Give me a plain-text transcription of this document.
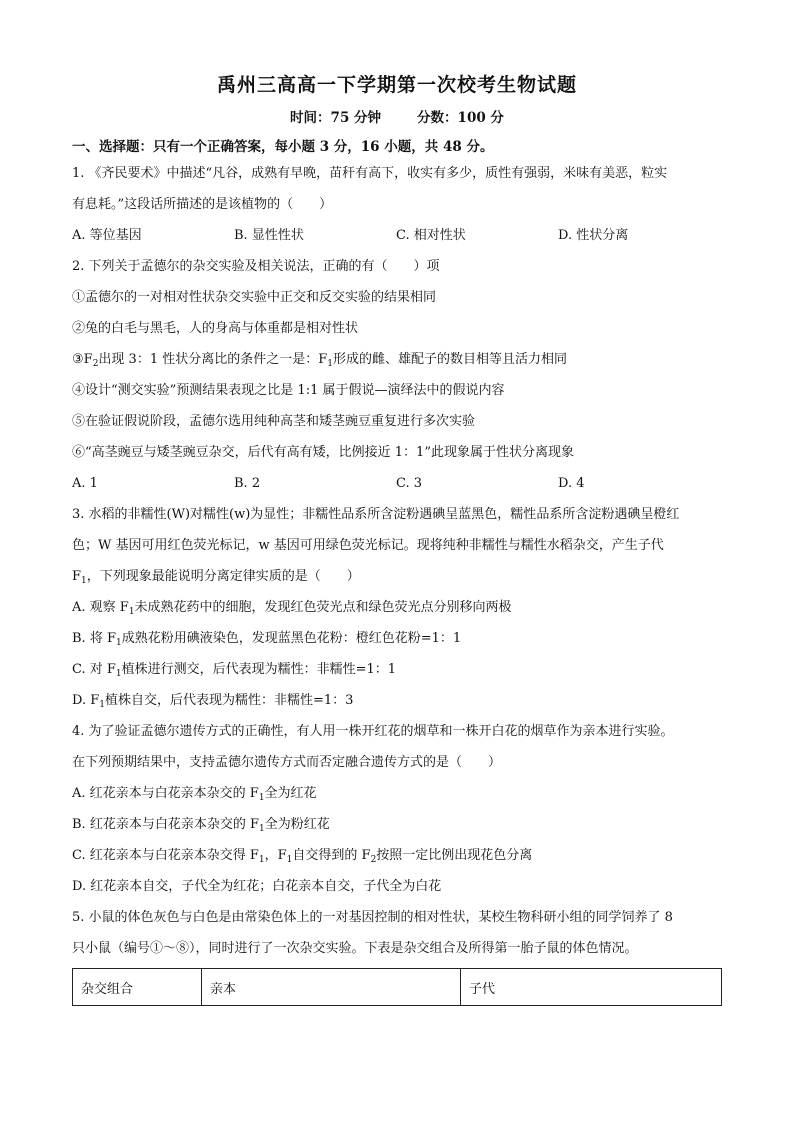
禹州三高高一下学期第一次校考生物试题
时间：75 分钟	分数：100 分
一、选择题：只有一个正确答案，每小题 3 分，16 小题，共 48 分。
1. 《齐民要术》中描述“凡谷，成熟有早晚，苗秆有高下，收实有多少，质性有强弱，米味有美恶，粒实
有息耗。”这段话所描述的是该植物的（　　）
A. 等位基因	B. 显性性状	C. 相对性状	D. 性状分离
2. 下列关于孟德尔的杂交实验及相关说法，正确的有（　　）项
①孟德尔的一对相对性状杂交实验中正交和反交实验的结果相同
②兔的白毛与黑毛，人的身高与体重都是相对性状
$③F_2$出现 3：1 性状分离比的条件之一是：$F_1$形成的雌、雄配子的数目相等且活力相同
④设计“测交实验”预测结果表现之比是 1:1 属于假说—演绎法中的假说内容
⑤在验证假说阶段，孟德尔选用纯种高茎和矮茎豌豆重复进行多次实验
⑥“高茎豌豆与矮茎豌豆杂交，后代有高有矮，比例接近 1：1”此现象属于性状分离现象
A. 1	B. 2	C. 3	D. 4
3. 水稻的非糯性(W)对糯性(w)为显性；非糯性品系所含淀粉遇碘呈蓝黑色，糯性品系所含淀粉遇碘呈橙红
色；W 基因可用红色荧光标记，w 基因可用绿色荧光标记。现将纯种非糯性与糯性水稻杂交，产生子代
$F_1$，下列现象最能说明分离定律实质的是（　　）
A. 观察 $F_1$未成熟花药中的细胞，发现红色荧光点和绿色荧光点分别移向两极
B. 将 $F_1$成熟花粉用碘液染色，发现蓝黑色花粉：橙红色花粉=1：1
C. 对 $F_1$植株进行测交，后代表现为糯性：非糯性=1：1
D. $F_1$植株自交，后代表现为糯性：非糯性=1：3
4. 为了验证孟德尔遗传方式的正确性，有人用一株开红花的烟草和一株开白花的烟草作为亲本进行实验。
在下列预期结果中，支持孟德尔遗传方式而否定融合遗传方式的是（　　）
A. 红花亲本与白花亲本杂交的 $F_1$全为红花
B. 红花亲本与白花亲本杂交的 $F_1$全为粉红花
C. 红花亲本与白花亲本杂交得 $F_1$，$F_1$自交得到的 $F_2$按照一定比例出现花色分离
D. 红花亲本自交，子代全为红花；白花亲本自交，子代全为白花
5. 小鼠的体色灰色与白色是由常染色体上的一对基因控制的相对性状，某校生物科研小组的同学饲养了 8
只小鼠（编号①～⑧），同时进行了一次杂交实验。下表是杂交组合及所得第一胎子鼠的体色情况。
杂交组合	亲本	子代
